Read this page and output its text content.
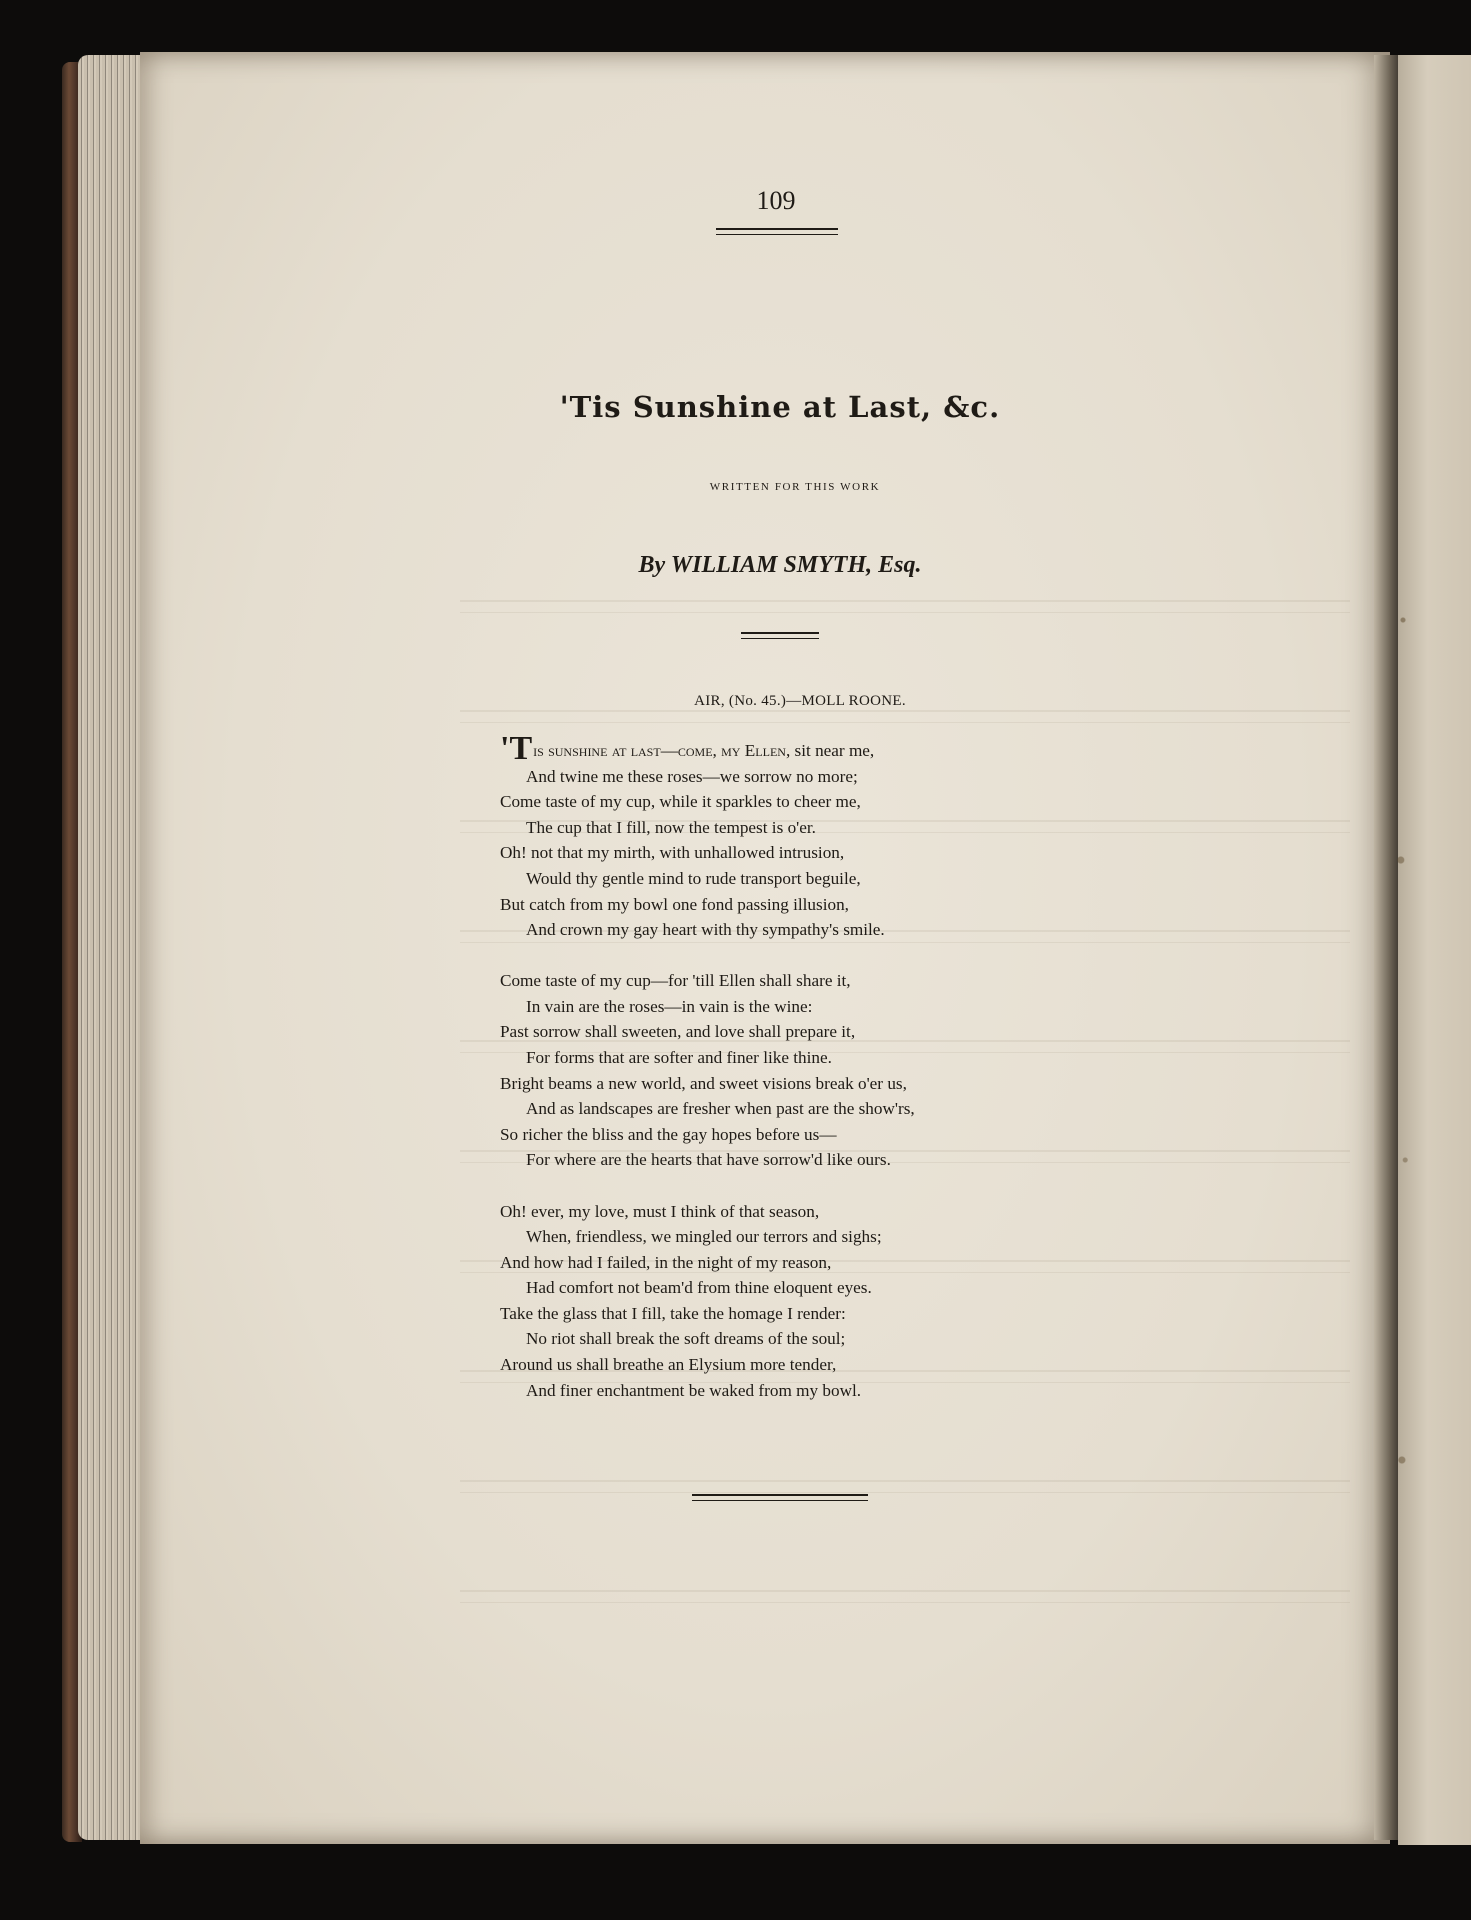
109
'Tis Sunshine at Last, &c.
WRITTEN FOR THIS WORK
By WILLIAM SMYTH, Esq.
AIR, (No. 45.)—MOLL ROONE.
'Tis sunshine at last—come, my Ellen, sit near me,
And twine me these roses—we sorrow no more;
Come taste of my cup, while it sparkles to cheer me,
The cup that I fill, now the tempest is o'er.
Oh! not that my mirth, with unhallowed intrusion,
Would thy gentle mind to rude transport beguile,
But catch from my bowl one fond passing illusion,
And crown my gay heart with thy sympathy's smile.
Come taste of my cup—for 'till Ellen shall share it,
In vain are the roses—in vain is the wine:
Past sorrow shall sweeten, and love shall prepare it,
For forms that are softer and finer like thine.
Bright beams a new world, and sweet visions break o'er us,
And as landscapes are fresher when past are the show'rs,
So richer the bliss and the gay hopes before us—
For where are the hearts that have sorrow'd like ours.
Oh! ever, my love, must I think of that season,
When, friendless, we mingled our terrors and sighs;
And how had I failed, in the night of my reason,
Had comfort not beam'd from thine eloquent eyes.
Take the glass that I fill, take the homage I render:
No riot shall break the soft dreams of the soul;
Around us shall breathe an Elysium more tender,
And finer enchantment be waked from my bowl.
